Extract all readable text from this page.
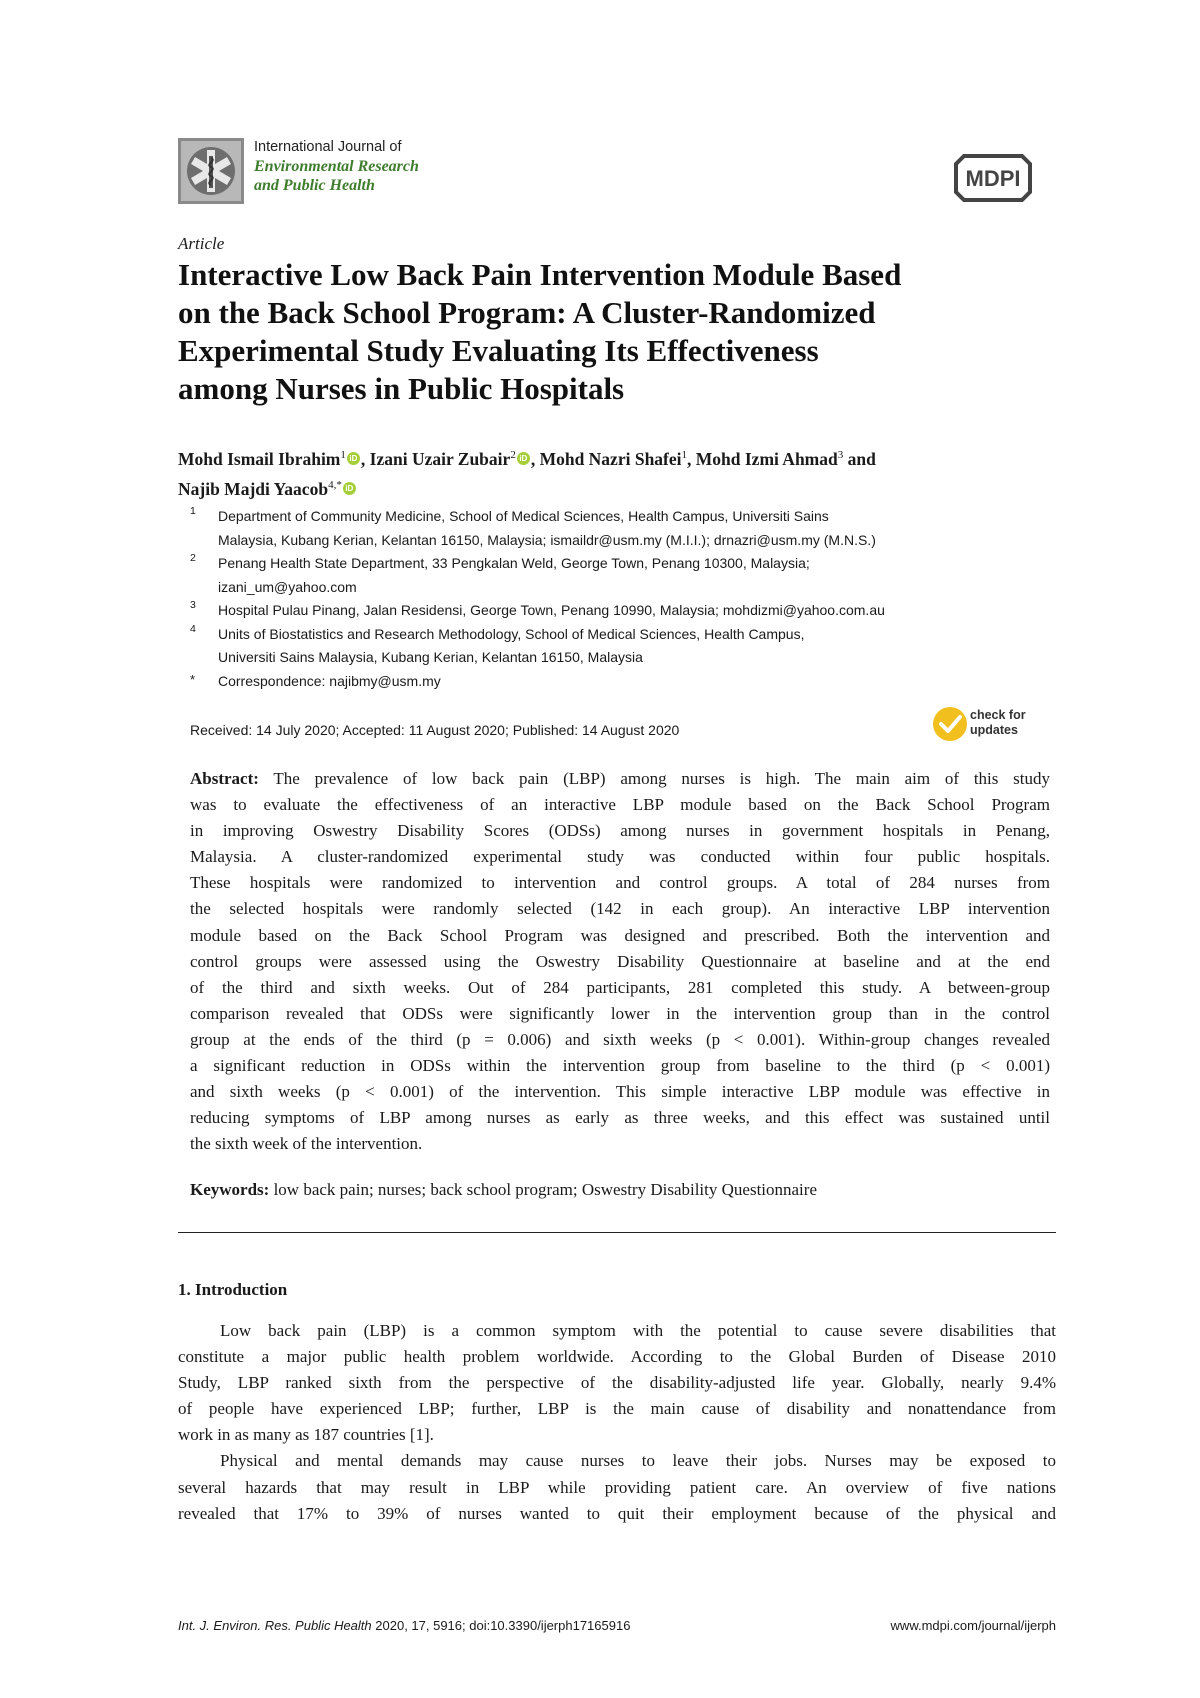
International Journal of
Environmental Research
and Public Health	MDPI
Article
Interactive Low Back Pain Intervention Module Based
on the Back School Program: A Cluster-Randomized
Experimental Study Evaluating Its Effectiveness
among Nurses in Public Hospitals
Mohd Ismail Ibrahim$^1$ iD , Izani Uzair Zubair$^2$ iD , Mohd Nazri Shafei$^1$, Mohd Izmi Ahmad$^3$ and
Najib Majdi Yaacob$^{4,*}$ iD
1 Department of Community Medicine, School of Medical Sciences, Health Campus, Universiti Sains
Malaysia, Kubang Kerian, Kelantan 16150, Malaysia; ismaildr@usm.my (M.I.I.); drnazri@usm.my (M.N.S.)
2 Penang Health State Department, 33 Pengkalan Weld, George Town, Penang 10300, Malaysia;
izani_um@yahoo.com
3 Hospital Pulau Pinang, Jalan Residensi, George Town, Penang 10990, Malaysia; mohdizmi@yahoo.com.au
4 Units of Biostatistics and Research Methodology, School of Medical Sciences, Health Campus,
Universiti Sains Malaysia, Kubang Kerian, Kelantan 16150, Malaysia
* Correspondence: najibmy@usm.my
Received: 14 July 2020; Accepted: 11 August 2020; Published: 14 August 2020
check for
updates
Abstract: The prevalence of low back pain (LBP) among nurses is high. The main aim of this study
was to evaluate the effectiveness of an interactive LBP module based on the Back School Program
in improving Oswestry Disability Scores (ODSs) among nurses in government hospitals in Penang,
Malaysia. A cluster-randomized experimental study was conducted within four public hospitals.
These hospitals were randomized to intervention and control groups. A total of 284 nurses from
the selected hospitals were randomly selected (142 in each group). An interactive LBP intervention
module based on the Back School Program was designed and prescribed. Both the intervention and
control groups were assessed using the Oswestry Disability Questionnaire at baseline and at the end
of the third and sixth weeks. Out of 284 participants, 281 completed this study. A between-group
comparison revealed that ODSs were significantly lower in the intervention group than in the control
group at the ends of the third (p = 0.006) and sixth weeks (p < 0.001). Within-group changes revealed
a significant reduction in ODSs within the intervention group from baseline to the third (p < 0.001)
and sixth weeks (p < 0.001) of the intervention. This simple interactive LBP module was effective in
reducing symptoms of LBP among nurses as early as three weeks, and this effect was sustained until
the sixth week of the intervention.
Keywords: low back pain; nurses; back school program; Oswestry Disability Questionnaire
1. Introduction
Low back pain (LBP) is a common symptom with the potential to cause severe disabilities that
constitute a major public health problem worldwide. According to the Global Burden of Disease 2010
Study, LBP ranked sixth from the perspective of the disability-adjusted life year. Globally, nearly 9.4%
of people have experienced LBP; further, LBP is the main cause of disability and nonattendance from
work in as many as 187 countries [1].
Physical and mental demands may cause nurses to leave their jobs. Nurses may be exposed to
several hazards that may result in LBP while providing patient care. An overview of five nations
revealed that 17% to 39% of nurses wanted to quit their employment because of the physical and
Int. J. Environ. Res. Public Health 2020, 17, 5916; doi:10.3390/ijerph17165916	www.mdpi.com/journal/ijerph
